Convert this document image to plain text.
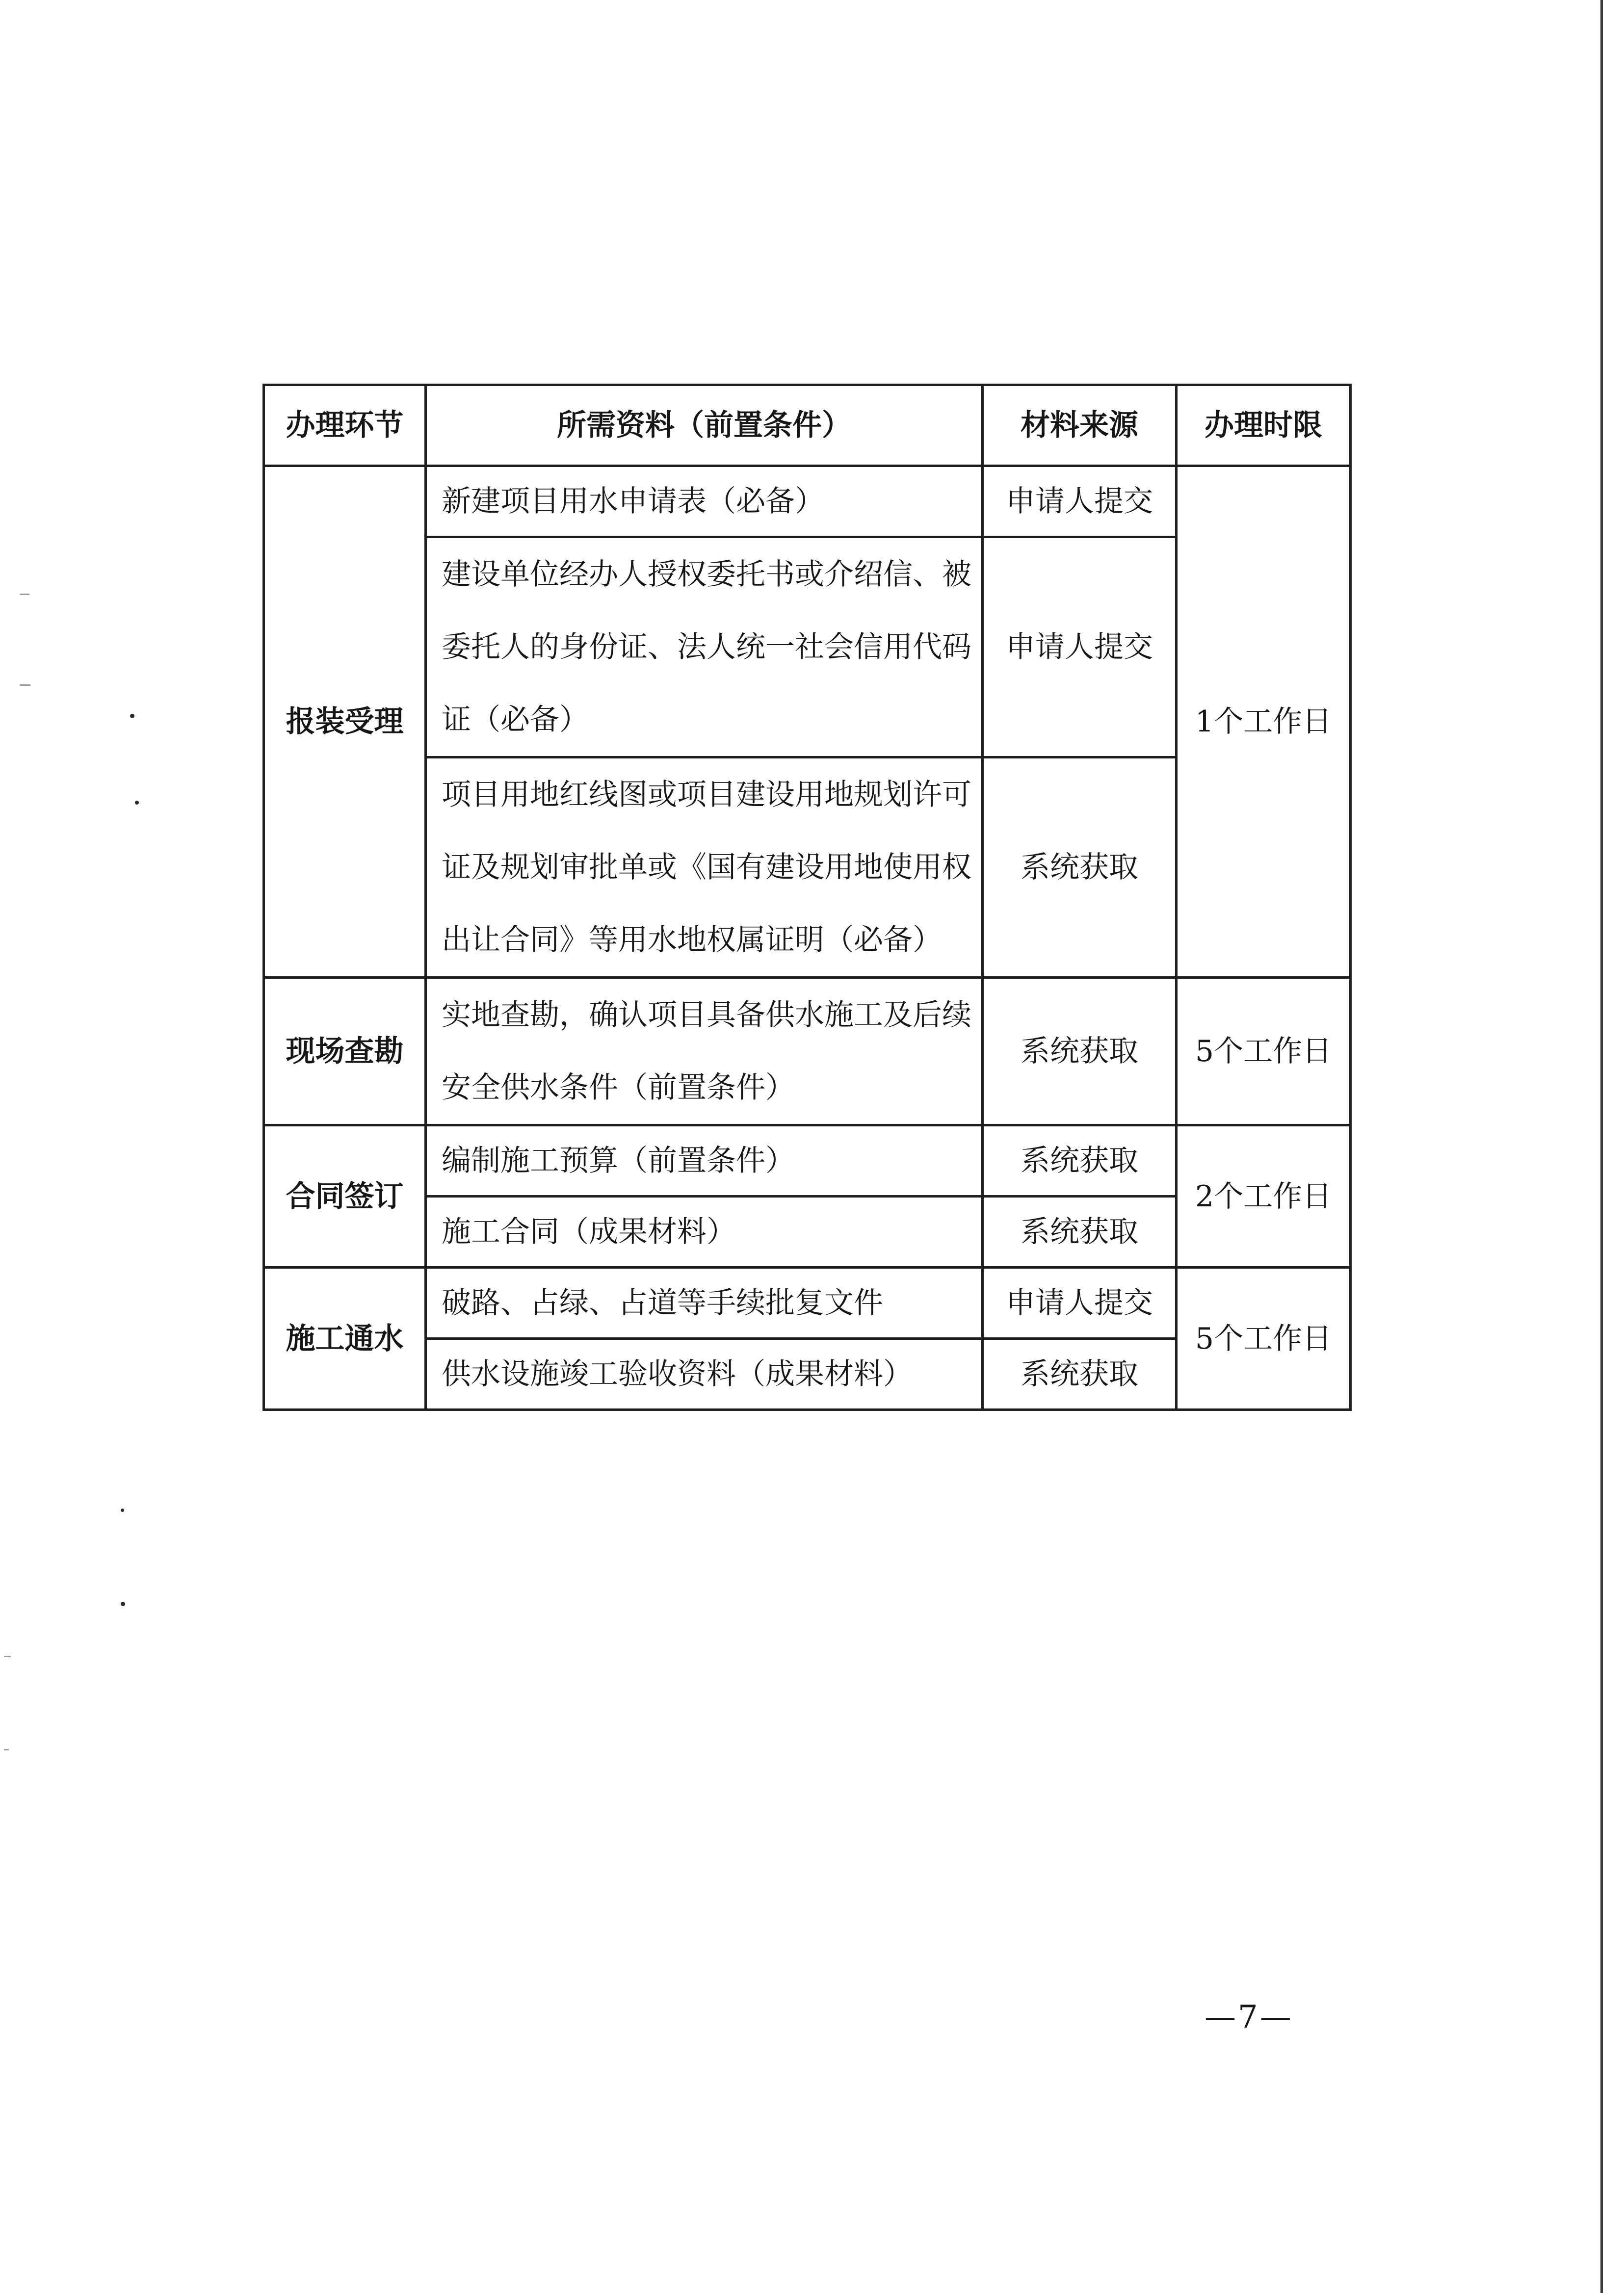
办理环节	所需资料（前置条件）	材料来源	办理时限
报装受理	新建项目用水申请表（必备）	申请人提交	1个工作日
	建设单位经办人授权委托书或介绍信、被委托人的身份证、法人统一社会信用代码证（必备）	申请人提交	
	项目用地红线图或项目建设用地规划许可证及规划审批单或《国有建设用地使用权出让合同》等用水地权属证明（必备）	系统获取	
现场查勘	实地查勘，确认项目具备供水施工及后续安全供水条件（前置条件）	系统获取	5个工作日
合同签订	编制施工预算（前置条件）	系统获取	2个工作日
	施工合同（成果材料）	系统获取	
施工通水	破路、占绿、占道等手续批复文件	申请人提交	5个工作日
	供水设施竣工验收资料（成果材料）	系统获取	
—7—
